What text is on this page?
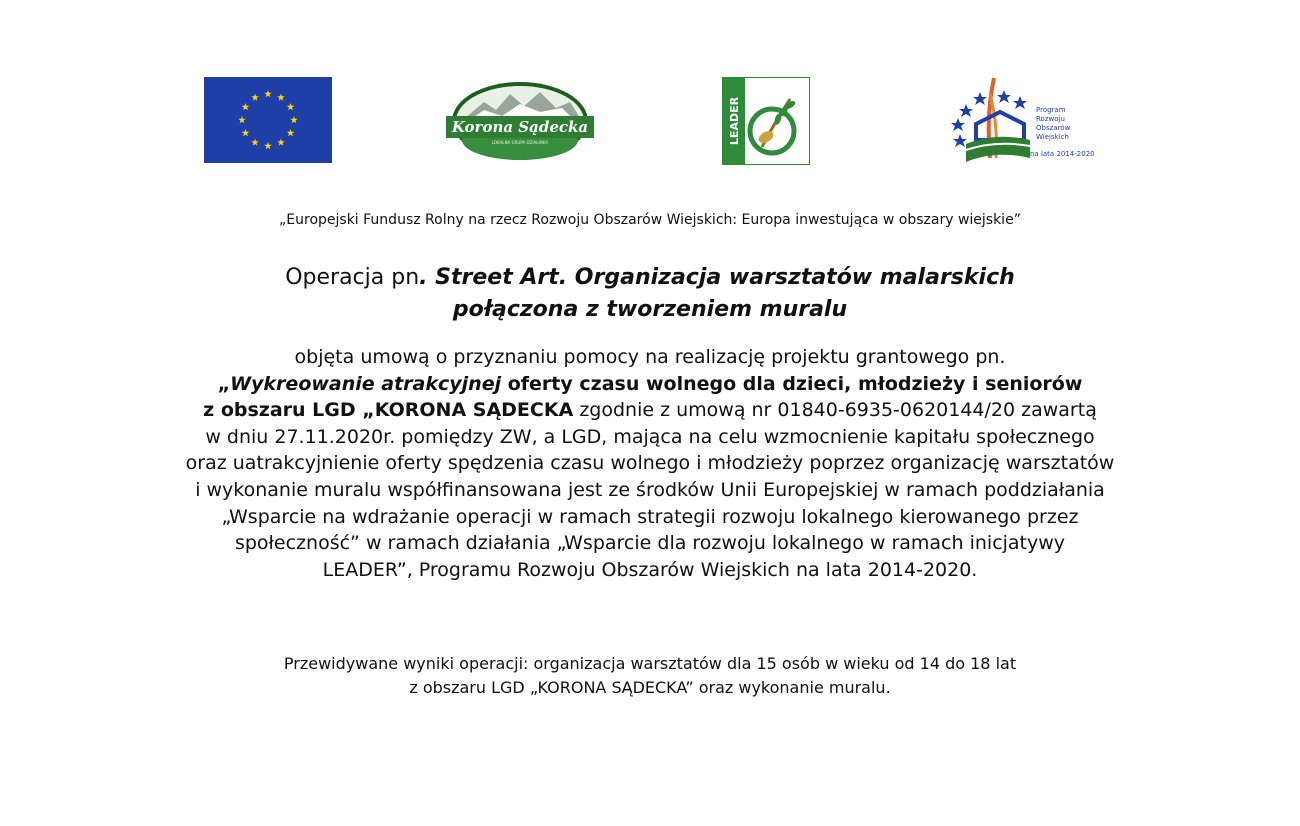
Korona Sądecka
LOKALNA GRUPA DZIAŁANIA	LEADER	Program
Rozwoju
Obszarów
Wiejskich
na lata 2014-2020
„Europejski Fundusz Rolny na rzecz Rozwoju Obszarów Wiejskich: Europa inwestująca w obszary wiejskie”
Operacja pn. Street Art. Organizacja warsztatów malarskich
połączona z tworzeniem muralu
objęta umową o przyznaniu pomocy na realizację projektu grantowego pn.
„Wykreowanie atrakcyjnej oferty czasu wolnego dla dzieci, młodzieży i seniorów
z obszaru LGD „KORONA SĄDECKA zgodnie z umową nr 01840-6935-0620144/20 zawartą
w dniu 27.11.2020r. pomiędzy ZW, a LGD, mająca na celu wzmocnienie kapitału społecznego
oraz uatrakcyjnienie oferty spędzenia czasu wolnego i młodzieży poprzez organizację warsztatów
i wykonanie muralu współfinansowana jest ze środków Unii Europejskiej w ramach poddziałania
„Wsparcie na wdrażanie operacji w ramach strategii rozwoju lokalnego kierowanego przez
społeczność” w ramach działania „Wsparcie dla rozwoju lokalnego w ramach inicjatywy
LEADER”, Programu Rozwoju Obszarów Wiejskich na lata 2014-2020.
Przewidywane wyniki operacji: organizacja warsztatów dla 15 osób w wieku od 14 do 18 lat
z obszaru LGD „KORONA SĄDECKA” oraz wykonanie muralu.
